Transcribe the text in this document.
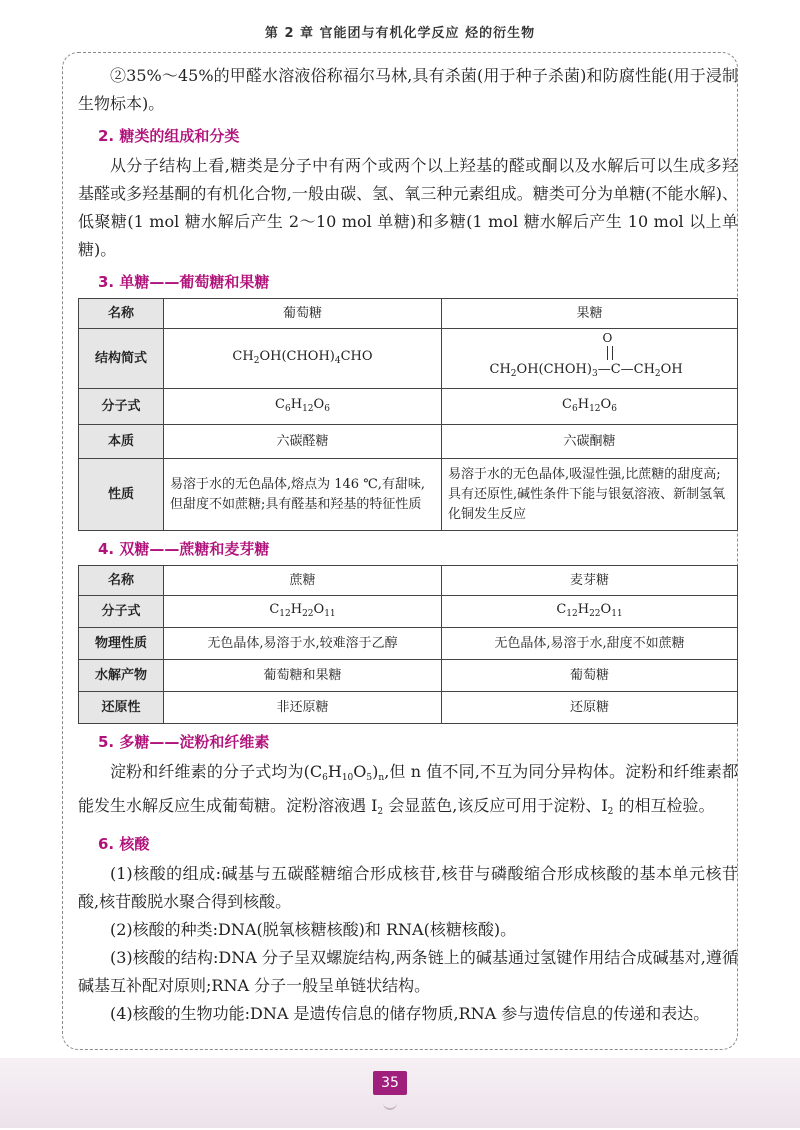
第 2 章 官能团与有机化学反应 烃的衍生物

②35%～45%的甲醛水溶液俗称福尔马林,具有杀菌(用于种子杀菌)和防腐性能(用于浸制生物标本)。

2. 糖类的组成和分类

从分子结构上看,糖类是分子中有两个或两个以上羟基的醛或酮以及水解后可以生成多羟基醛或多羟基酮的有机化合物,一般由碳、氢、氧三种元素组成。糖类可分为单糖(不能水解)、低聚糖(1 mol 糖水解后产生 2～10 mol 单糖)和多糖(1 mol 糖水解后产生 10 mol 以上单糖)。

3. 单糖——葡萄糖和果糖
名称	葡萄糖	果糖
结构简式	$CH_2OH(CHOH)_4CHO$	O
$CH_2OH(CHOH)_3—C—CH_2OH$

分子式	$C_6H_{12}O_6$	$C_6H_{12}O_6$
本质	六碳醛糖	六碳酮糖
性质	易溶于水的无色晶体,熔点为 146 ℃,有甜味,但甜度不如蔗糖;具有醛基和羟基的特征性质	易溶于水的无色晶体,吸湿性强,比蔗糖的甜度高;具有还原性,碱性条件下能与银氨溶液、新制氢氧化铜发生反应
4. 双糖——蔗糖和麦芽糖
名称	蔗糖	麦芽糖
分子式	$C_{12}H_{22}O_{11}$	$C_{12}H_{22}O_{11}$
物理性质	无色晶体,易溶于水,较难溶于乙醇	无色晶体,易溶于水,甜度不如蔗糖
水解产物	葡萄糖和果糖	葡萄糖
还原性	非还原糖	还原糖
5. 多糖——淀粉和纤维素

淀粉和纤维素的分子式均为$(C_6H_{10}O_5)_n$,但 n 值不同,不互为同分异构体。淀粉和纤维素都能发生水解反应生成葡萄糖。淀粉溶液遇 $I_2$ 会显蓝色,该反应可用于淀粉、$I_2$ 的相互检验。

6. 核酸

(1)核酸的组成:碱基与五碳醛糖缩合形成核苷,核苷与磷酸缩合形成核酸的基本单元核苷酸,核苷酸脱水聚合得到核酸。

(2)核酸的种类:DNA(脱氧核糖核酸)和 RNA(核糖核酸)。

(3)核酸的结构:DNA 分子呈双螺旋结构,两条链上的碱基通过氢键作用结合成碱基对,遵循碱基互补配对原则;RNA 分子一般呈单链状结构。

(4)核酸的生物功能:DNA 是遗传信息的储存物质,RNA 参与遗传信息的传递和表达。

35
